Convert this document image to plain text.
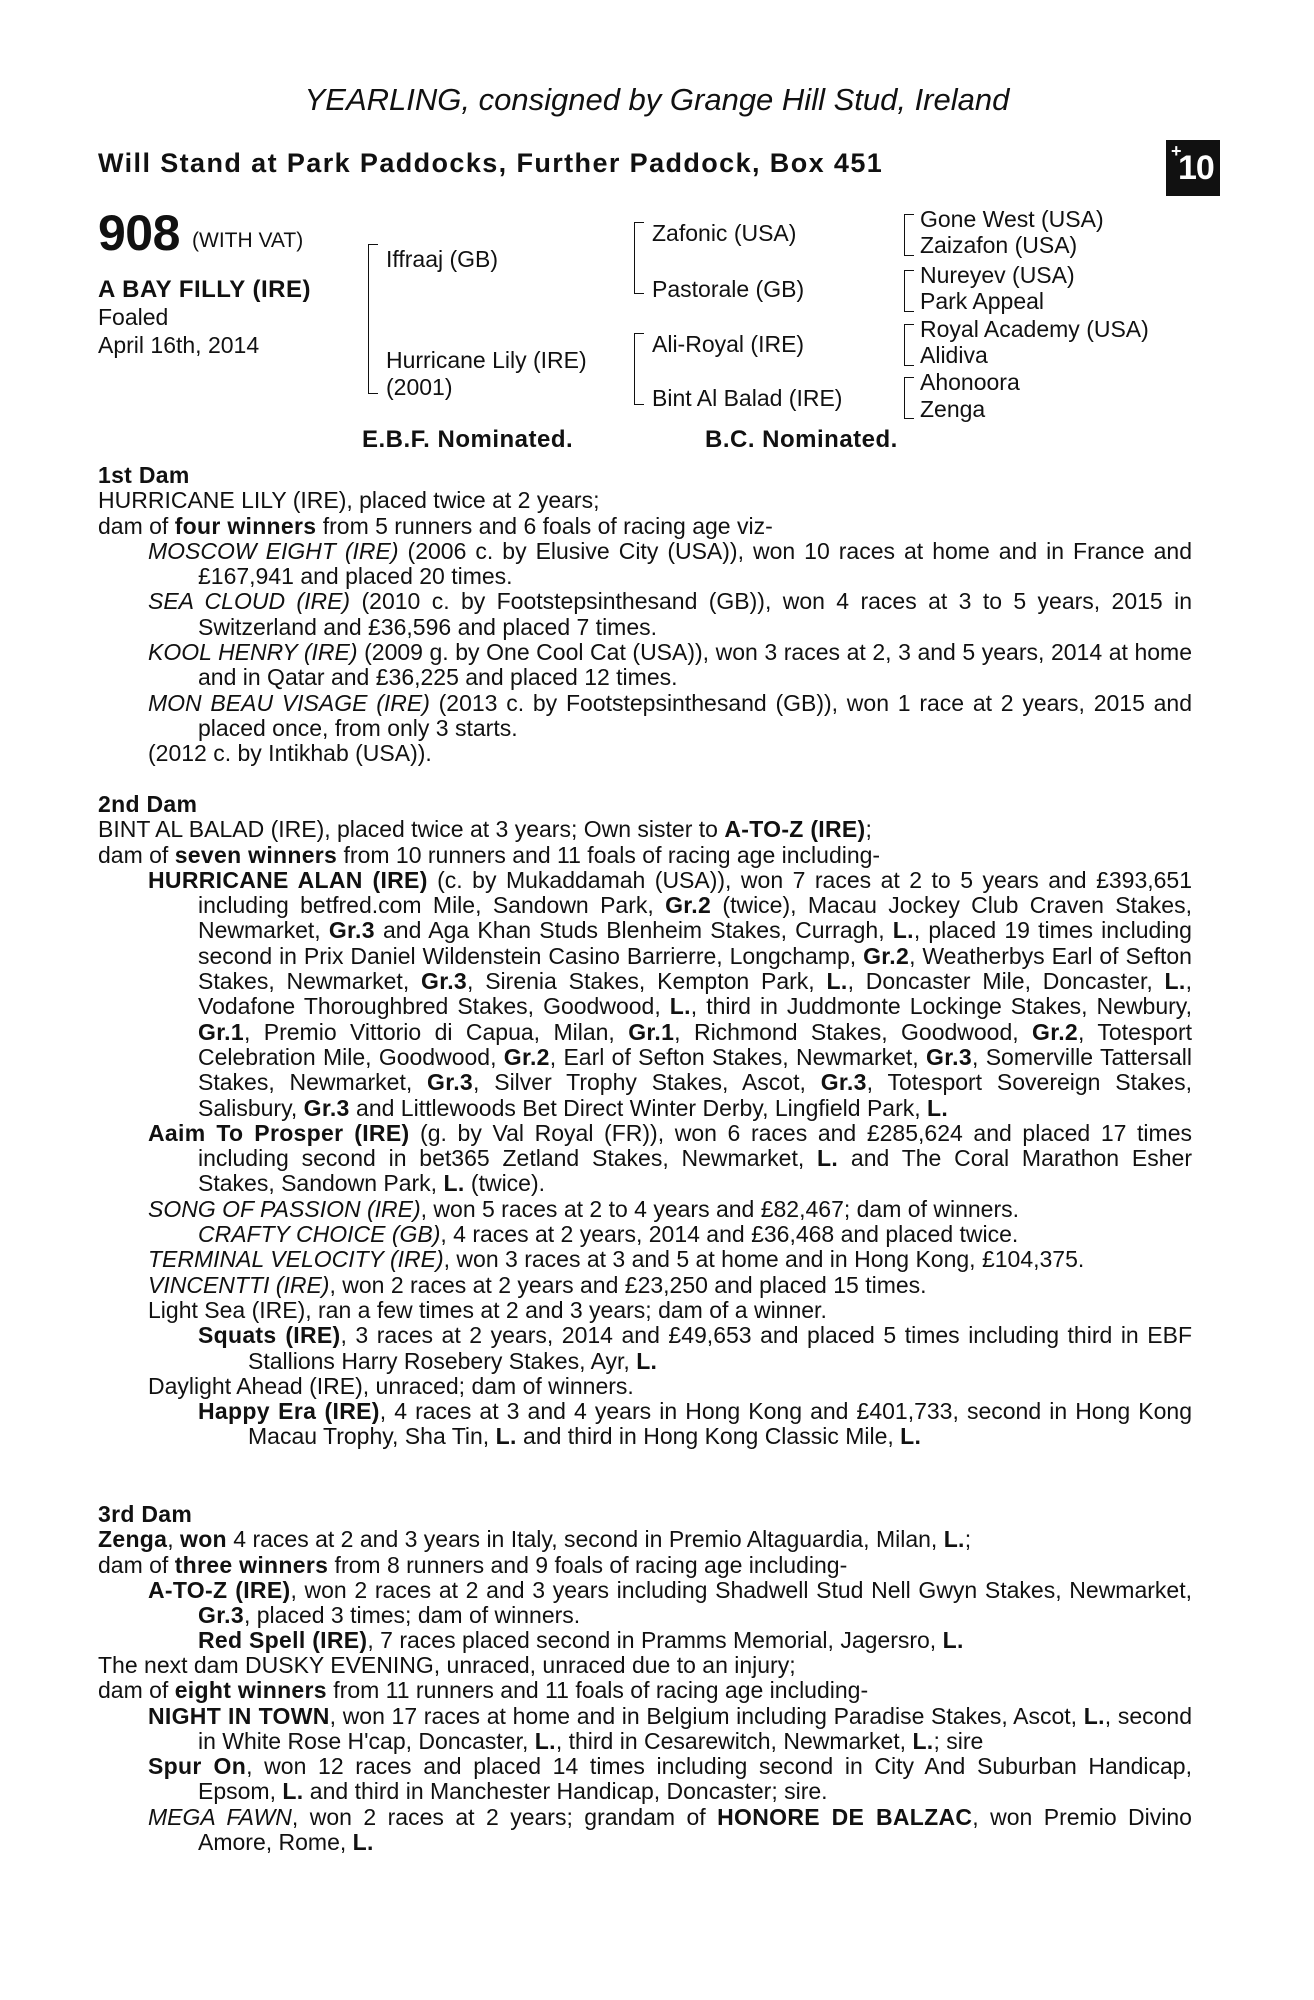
YEARLING, consigned by Grange Hill Stud, Ireland
Will Stand at Park Paddocks, Further Paddock, Box 451	+
10
908 (WITH VAT)
A BAY FILLY (IRE)
Foaled
April 16th, 2014
Iffraaj (GB)
Hurricane Lily (IRE)
(2001)
Zafonic (USA)
Pastorale (GB)
Ali-Royal (IRE)
Bint Al Balad (IRE)
Gone West (USA)
Zaizafon (USA)
Nureyev (USA)
Park Appeal
Royal Academy (USA)
Alidiva
Ahonoora
Zenga
E.B.F. Nominated.	B.C. Nominated.

1st Dam

HURRICANE LILY (IRE), placed twice at 2 years;

dam of four winners from 5 runners and 6 foals of racing age viz-

MOSCOW EIGHT (IRE) (2006 c. by Elusive City (USA)), won 10 races at home and in France and £167,941 and placed 20 times.

SEA CLOUD (IRE) (2010 c. by Footstepsinthesand (GB)), won 4 races at 3 to 5 years, 2015 in Switzerland and £36,596 and placed 7 times.

KOOL HENRY (IRE) (2009 g. by One Cool Cat (USA)), won 3 races at 2, 3 and 5 years, 2014 at home and in Qatar and £36,225 and placed 12 times.

MON BEAU VISAGE (IRE) (2013 c. by Footstepsinthesand (GB)), won 1 race at 2 years, 2015 and placed once, from only 3 starts.

(2012 c. by Intikhab (USA)).

2nd Dam

BINT AL BALAD (IRE), placed twice at 3 years; Own sister to A-TO-Z (IRE);

dam of seven winners from 10 runners and 11 foals of racing age including-

HURRICANE ALAN (IRE) (c. by Mukaddamah (USA)), won 7 races at 2 to 5 years and £393,651 including betfred.com Mile, Sandown Park, Gr.2 (twice), Macau Jockey Club Craven Stakes, Newmarket, Gr.3 and Aga Khan Studs Blenheim Stakes, Curragh, L., placed 19 times including second in Prix Daniel Wildenstein Casino Barrierre, Longchamp, Gr.2, Weatherbys Earl of Sefton Stakes, Newmarket, Gr.3, Sirenia Stakes, Kempton Park, L., Doncaster Mile, Doncaster, L., Vodafone Thoroughbred Stakes, Goodwood, L., third in Juddmonte Lockinge Stakes, Newbury, Gr.1, Premio Vittorio di Capua, Milan, Gr.1, Richmond Stakes, Goodwood, Gr.2, Totesport Celebration Mile, Goodwood, Gr.2, Earl of Sefton Stakes, Newmarket, Gr.3, Somerville Tattersall Stakes, Newmarket, Gr.3, Silver Trophy Stakes, Ascot, Gr.3, Totesport Sovereign Stakes, Salisbury, Gr.3 and Littlewoods Bet Direct Winter Derby, Lingfield Park, L.

Aaim To Prosper (IRE) (g. by Val Royal (FR)), won 6 races and £285,624 and placed 17 times including second in bet365 Zetland Stakes, Newmarket, L. and The Coral Marathon Esher Stakes, Sandown Park, L. (twice).

SONG OF PASSION (IRE), won 5 races at 2 to 4 years and £82,467; dam of winners.

CRAFTY CHOICE (GB), 4 races at 2 years, 2014 and £36,468 and placed twice.

TERMINAL VELOCITY (IRE), won 3 races at 3 and 5 at home and in Hong Kong, £104,375.

VINCENTTI (IRE), won 2 races at 2 years and £23,250 and placed 15 times.

Light Sea (IRE), ran a few times at 2 and 3 years; dam of a winner.

Squats (IRE), 3 races at 2 years, 2014 and £49,653 and placed 5 times including third in EBF Stallions Harry Rosebery Stakes, Ayr, L.

Daylight Ahead (IRE), unraced; dam of winners.

Happy Era (IRE), 4 races at 3 and 4 years in Hong Kong and £401,733, second in Hong Kong Macau Trophy, Sha Tin, L. and third in Hong Kong Classic Mile, L.

3rd Dam

Zenga, won 4 races at 2 and 3 years in Italy, second in Premio Altaguardia, Milan, L.;

dam of three winners from 8 runners and 9 foals of racing age including-

A-TO-Z (IRE), won 2 races at 2 and 3 years including Shadwell Stud Nell Gwyn Stakes, Newmarket, Gr.3, placed 3 times; dam of winners.

Red Spell (IRE), 7 races placed second in Pramms Memorial, Jagersro, L.

The next dam DUSKY EVENING, unraced, unraced due to an injury;

dam of eight winners from 11 runners and 11 foals of racing age including-

NIGHT IN TOWN, won 17 races at home and in Belgium including Paradise Stakes, Ascot, L., second in White Rose H'cap, Doncaster, L., third in Cesarewitch, Newmarket, L.; sire

Spur On, won 12 races and placed 14 times including second in City And Suburban Handicap, Epsom, L. and third in Manchester Handicap, Doncaster; sire.

MEGA FAWN, won 2 races at 2 years; grandam of HONORE DE BALZAC, won Premio Divino Amore, Rome, L.
